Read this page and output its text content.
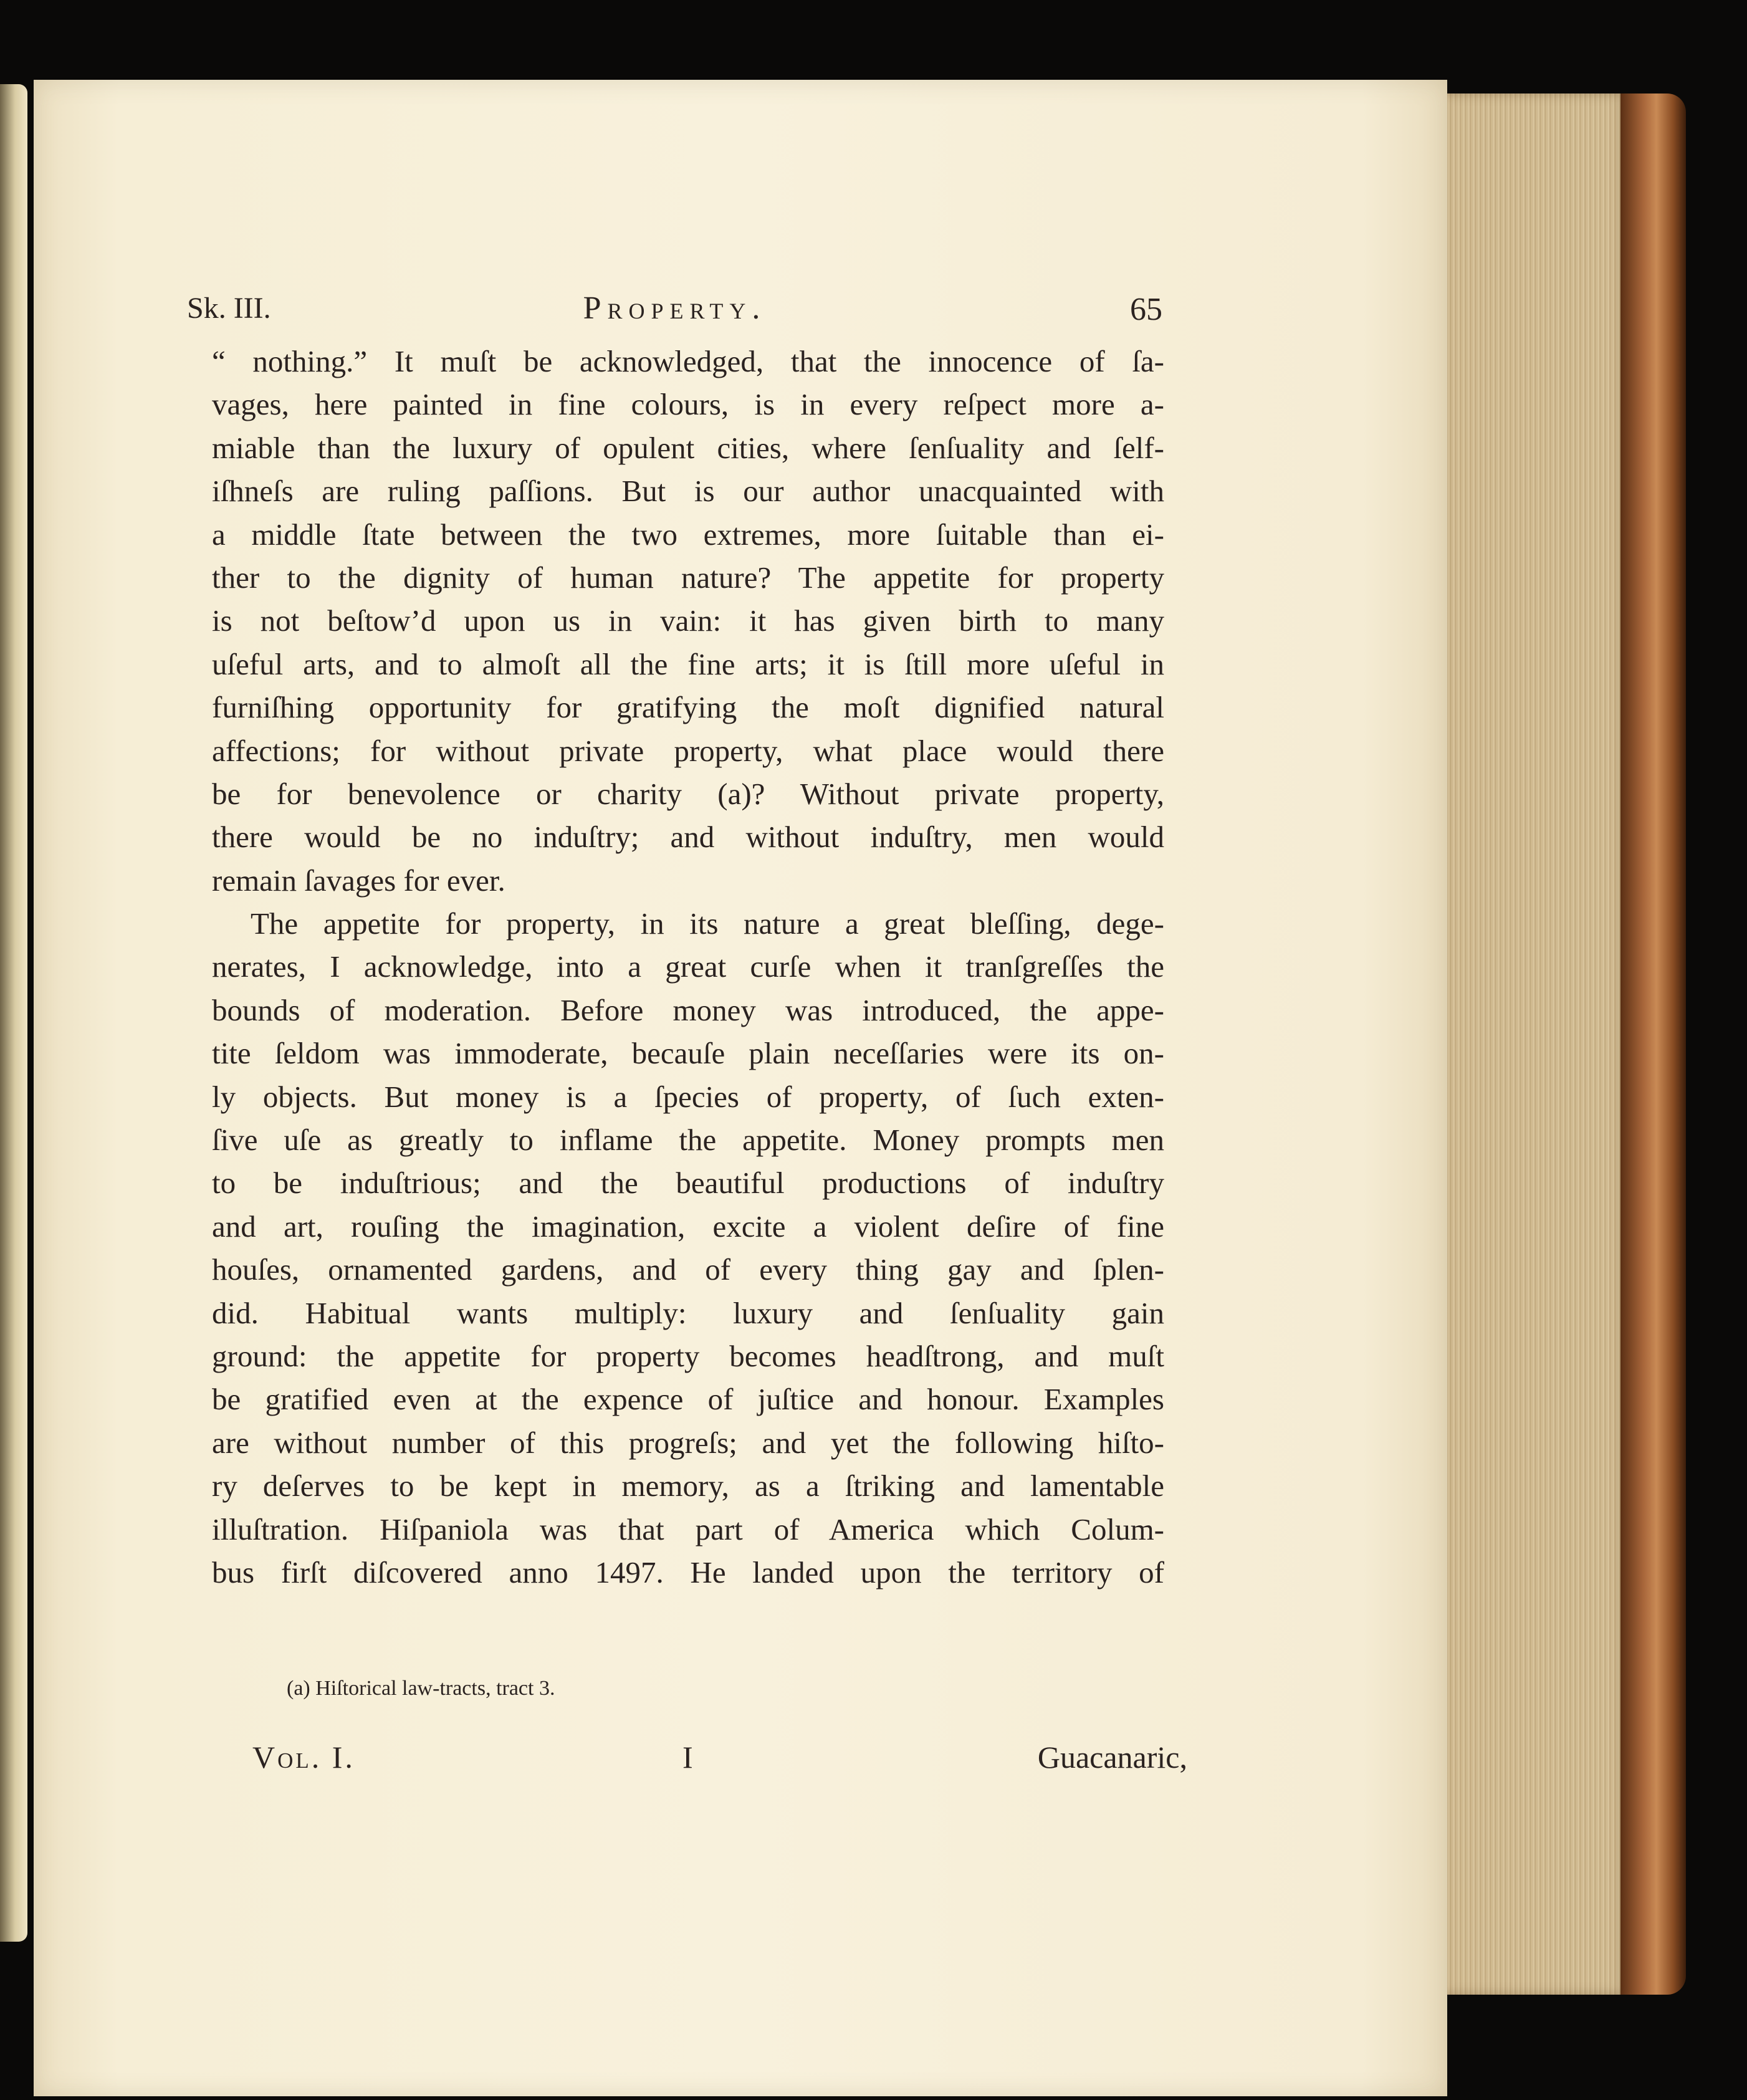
Sk. III.	Property.	65
“ nothing.” It muſt be acknowledged, that the innocence of ſa-
vages, here painted in fine colours, is in every reſpect more a-
miable than the luxury of opulent cities, where ſenſuality and ſelf-
iſhneſs are ruling paſſions. But is our author unacquainted with
a middle ſtate between the two extremes, more ſuitable than ei-
ther to the dignity of human nature? The appetite for property
is not beſtow’d upon us in vain: it has given birth to many
uſeful arts, and to almoſt all the fine arts; it is ſtill more uſeful in
furniſhing opportunity for gratifying the moſt dignified natural
affections; for without private property, what place would there
be for benevolence or charity (a)? Without private property,
there would be no induſtry; and without induſtry, men would
remain ſavages for ever.
The appetite for property, in its nature a great bleſſing, dege-
nerates, I acknowledge, into a great curſe when it tranſgreſſes the
bounds of moderation. Before money was introduced, the appe-
tite ſeldom was immoderate, becauſe plain neceſſaries were its on-
ly objects. But money is a ſpecies of property, of ſuch exten-
ſive uſe as greatly to inflame the appetite. Money prompts men
to be induſtrious; and the beautiful productions of induſtry
and art, rouſing the imagination, excite a violent deſire of fine
houſes, ornamented gardens, and of every thing gay and ſplen-
did. Habitual wants multiply: luxury and ſenſuality gain
ground: the appetite for property becomes headſtrong, and muſt
be gratified even at the expence of juſtice and honour. Examples
are without number of this progreſs; and yet the following hiſto-
ry deſerves to be kept in memory, as a ſtriking and lamentable
illuſtration. Hiſpaniola was that part of America which Colum-
bus firſt diſcovered anno 1497. He landed upon the territory of
(a) Hiſtorical law-tracts, tract 3.
Vol. I.	I	Guacanaric,
